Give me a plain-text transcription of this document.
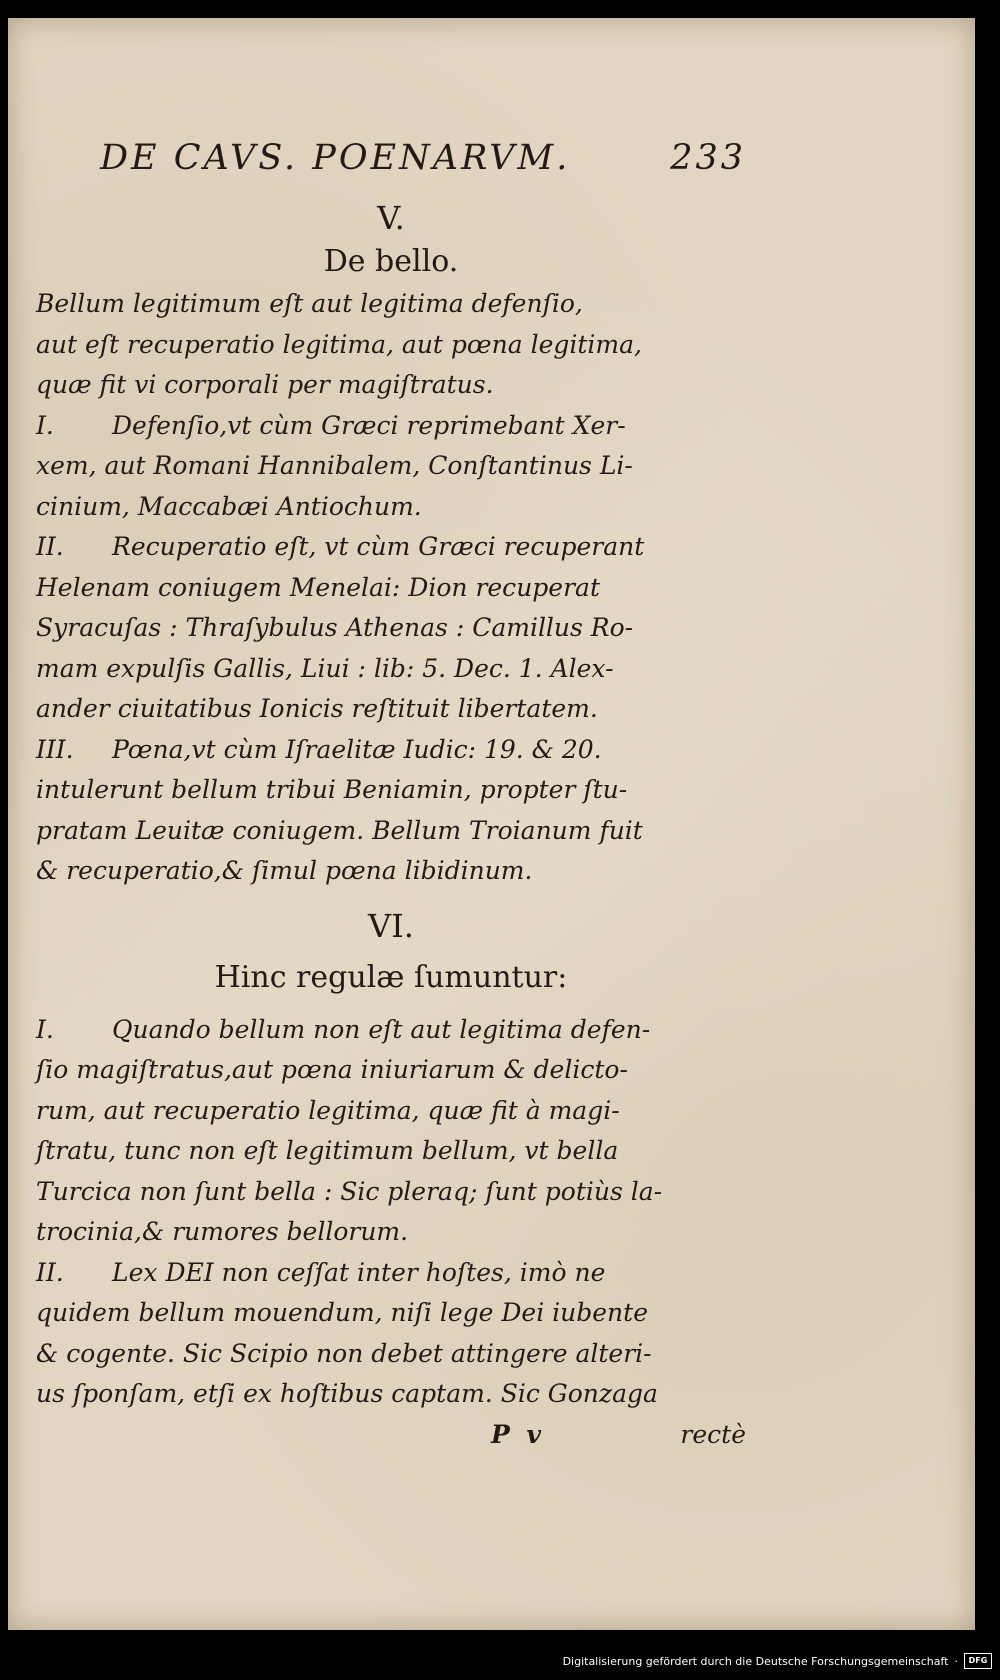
DE CAVS. POENARVM.	233
V.
De bello.

Bellum legitimum eſt aut legitima defenſio,
aut eſt recuperatio legitima, aut pœna legitima,
quæ fit vi corporali per magiſtratus.

I. Defenſio,vt cùm Græci reprimebant Xer-
xem, aut Romani Hannibalem, Conſtantinus Li-
cinium, Maccabæi Antiochum.

II. Recuperatio eſt, vt cùm Græci recuperant
Helenam coniugem Menelai: Dion recuperat
Syracuſas : Thraſybulus Athenas : Camillus Ro-
mam expulſis Gallis, Liui : lib: 5. Dec. 1. Alex-
ander ciuitatibus Ionicis reſtituit libertatem.

III. Pœna,vt cùm Iſraelitæ Iudic: 19. & 20.
intulerunt bellum tribui Beniamin, propter ſtu-
pratam Leuitæ coniugem. Bellum Troianum fuit
& recuperatio,& ſimul pœna libidinum.

VI.
Hinc regulæ ſumuntur:

I. Quando bellum non eſt aut legitima defen-
ſio magiſtratus,aut pœna iniuriarum & delicto-
rum, aut recuperatio legitima, quæ fit à magi-
ſtratu, tunc non eſt legitimum bellum, vt bella
Turcica non ſunt bella : Sic pleraq; ſunt potiùs la-
trocinia,& rumores bellorum.

II. Lex DEI non ceſſat inter hoſtes, imò ne
quidem bellum mouendum, niſi lege Dei iubente
& cogente. Sic Scipio non debet attingere alteri-
us ſponſam, etſi ex hoſtibus captam. Sic Gonzaga

P v	rectè
Digitalisierung gefördert durch die Deutsche Forschungsgemeinschaft ·	DFG
